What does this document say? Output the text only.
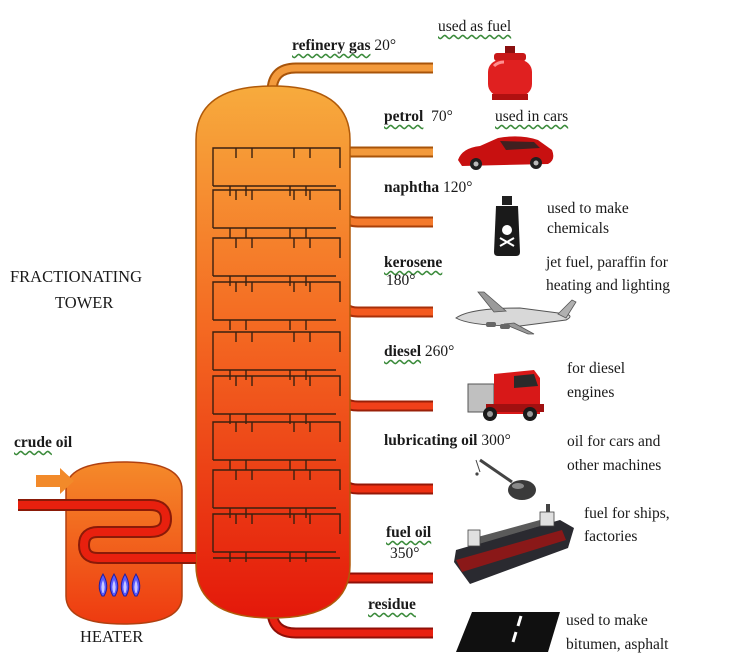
FRACTIONATING
TOWER
crude oil
HEATER
refinery gas 20°
used as fuel
petrol 70°	used in cars
naphtha 120°
used to make
chemicals
kerosene
180°
jet fuel, paraffin for
heating and lighting
diesel 260°
for diesel
engines
lubricating oil 300°	oil for cars and
other machines
fuel oil
350°
fuel for ships,
factories
residue
used to make
bitumen, asphalt
